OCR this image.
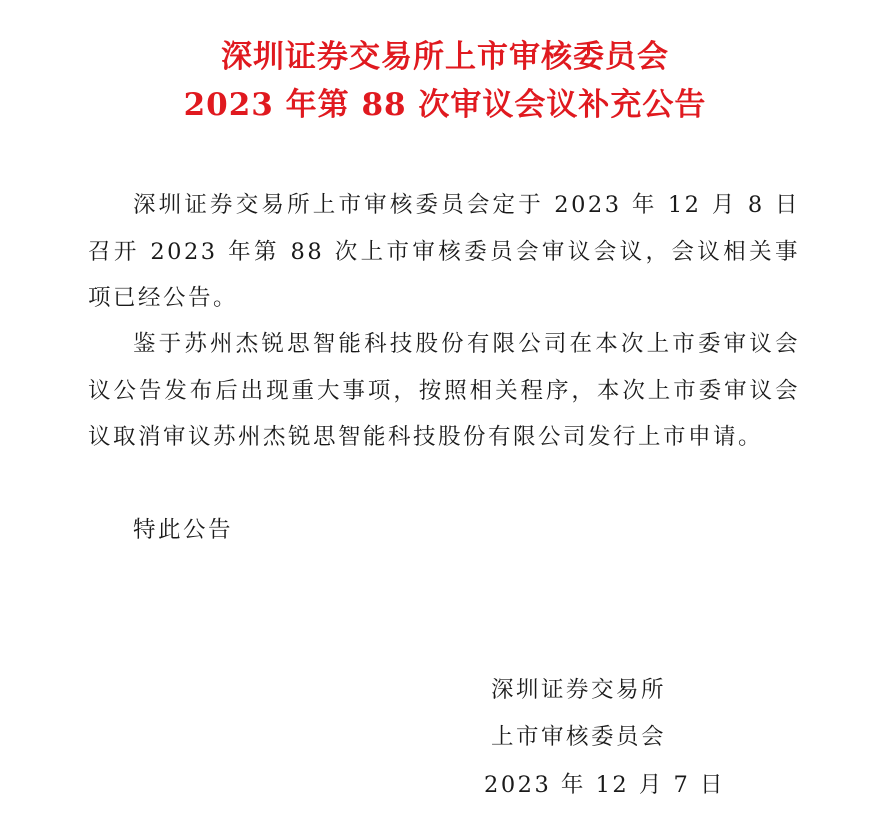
深圳证券交易所上市审核委员会
2023 年第 88 次审议会议补充公告

深圳证券交易所上市审核委员会定于 2023 年 12 月 8 日召开 2023 年第 88 次上市审核委员会审议会议，会议相关事项已经公告。

鉴于苏州杰锐思智能科技股份有限公司在本次上市委审议会议公告发布后出现重大事项，按照相关程序，本次上市委审议会议取消审议苏州杰锐思智能科技股份有限公司发行上市申请。

特此公告

深圳证券交易所
上市审核委员会
2023 年 12 月 7 日
